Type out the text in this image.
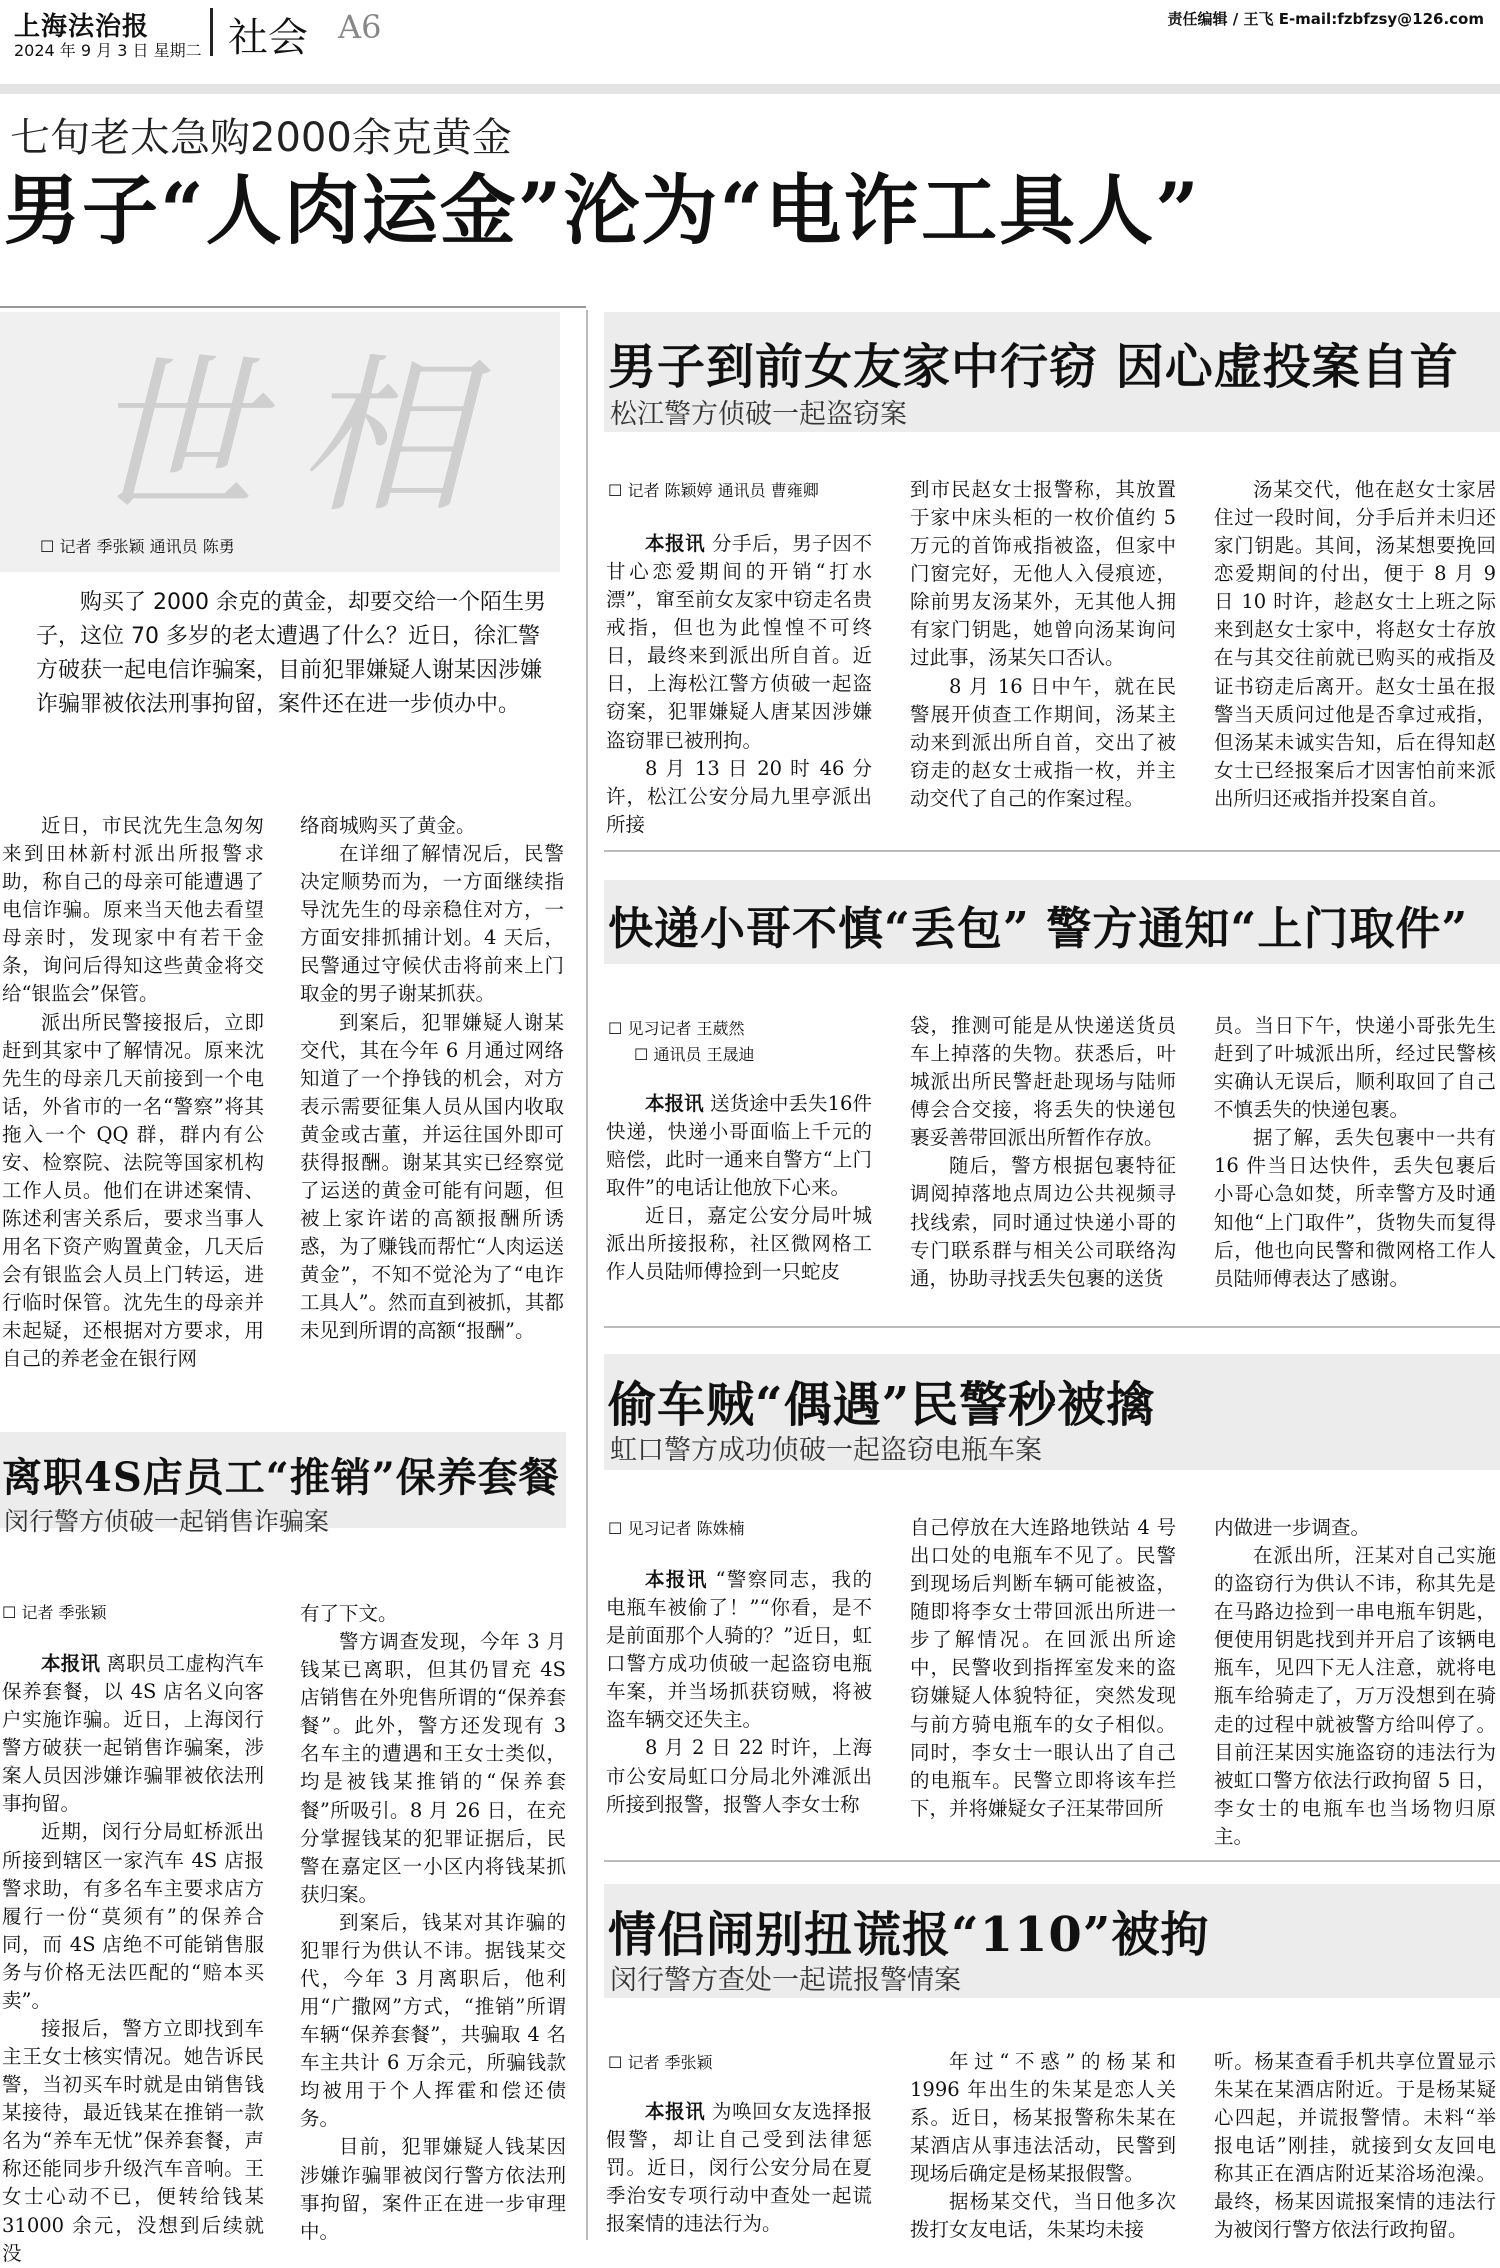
上海法治报
2024 年 9 月 3 日 星期二 社会 A6	责任编辑 / 王飞 E-mail:fzbfzsy@126.com
七旬老太急购2000余克黄金
男子“人肉运金”沦为“电诈工具人”
世相
☐ 记者 季张颖 通讯员 陈勇
购买了 2000 余克的黄金，却要交给一个陌生男子，这位 70 多岁的老太遭遇了什么？近日，徐汇警方破获一起电信诈骗案，目前犯罪嫌疑人谢某因涉嫌诈骗罪被依法刑事拘留，案件还在进一步侦办中。

近日，市民沈先生急匆匆来到田林新村派出所报警求助，称自己的母亲可能遭遇了电信诈骗。原来当天他去看望母亲时，发现家中有若干金条，询问后得知这些黄金将交给“银监会”保管。

派出所民警接报后，立即赶到其家中了解情况。原来沈先生的母亲几天前接到一个电话，外省市的一名“警察”将其拖入一个 QQ 群，群内有公安、检察院、法院等国家机构工作人员。他们在讲述案情、陈述利害关系后，要求当事人用名下资产购置黄金，几天后会有银监会人员上门转运，进行临时保管。沈先生的母亲并未起疑，还根据对方要求，用自己的养老金在银行网

络商城购买了黄金。

在详细了解情况后，民警决定顺势而为，一方面继续指导沈先生的母亲稳住对方，一方面安排抓捕计划。4 天后，民警通过守候伏击将前来上门取金的男子谢某抓获。

到案后，犯罪嫌疑人谢某交代，其在今年 6 月通过网络知道了一个挣钱的机会，对方表示需要征集人员从国内收取黄金或古董，并运往国外即可获得报酬。谢某其实已经察觉了运送的黄金可能有问题，但被上家许诺的高额报酬所诱惑，为了赚钱而帮忙“人肉运送黄金”，不知不觉沦为了“电诈工具人”。然而直到被抓，其都未见到所谓的高额“报酬”。

离职4S店员工“推销”保养套餐
闵行警方侦破一起销售诈骗案
☐ 记者 季张颖

本报讯 离职员工虚构汽车保养套餐，以 4S 店名义向客户实施诈骗。近日，上海闵行警方破获一起销售诈骗案，涉案人员因涉嫌诈骗罪被依法刑事拘留。

近期，闵行分局虹桥派出所接到辖区一家汽车 4S 店报警求助，有多名车主要求店方履行一份“莫须有”的保养合同，而 4S 店绝不可能销售服务与价格无法匹配的“赔本买卖”。

接报后，警方立即找到车主王女士核实情况。她告诉民警，当初买车时就是由销售钱某接待，最近钱某在推销一款名为“养车无忧”保养套餐，声称还能同步升级汽车音响。王女士心动不已，便转给钱某 31000 余元，没想到后续就没

有了下文。

警方调查发现，今年 3 月钱某已离职，但其仍冒充 4S 店销售在外兜售所谓的“保养套餐”。此外，警方还发现有 3 名车主的遭遇和王女士类似，均是被钱某推销的“保养套餐”所吸引。8 月 26 日，在充分掌握钱某的犯罪证据后，民警在嘉定区一小区内将钱某抓获归案。

到案后，钱某对其诈骗的犯罪行为供认不讳。据钱某交代，今年 3 月离职后，他利用“广撒网”方式，“推销”所谓车辆“保养套餐”，共骗取 4 名车主共计 6 万余元，所骗钱款均被用于个人挥霍和偿还债务。

目前，犯罪嫌疑人钱某因涉嫌诈骗罪被闵行警方依法刑事拘留，案件正在进一步审理中。

男子到前女友家中行窃 因心虚投案自首
松江警方侦破一起盗窃案
☐ 记者 陈颖婷 通讯员 曹雍卿

本报讯 分手后，男子因不甘心恋爱期间的开销“打水漂”，窜至前女友家中窃走名贵戒指，但也为此惶惶不可终日，最终来到派出所自首。近日，上海松江警方侦破一起盗窃案，犯罪嫌疑人唐某因涉嫌盗窃罪已被刑拘。

8 月 13 日 20 时 46 分许，松江公安分局九里亭派出所接

到市民赵女士报警称，其放置于家中床头柜的一枚价值约 5 万元的首饰戒指被盗，但家中门窗完好，无他人入侵痕迹，除前男友汤某外，无其他人拥有家门钥匙，她曾向汤某询问过此事，汤某矢口否认。

8 月 16 日中午，就在民警展开侦查工作期间，汤某主动来到派出所自首，交出了被窃走的赵女士戒指一枚，并主动交代了自己的作案过程。

汤某交代，他在赵女士家居住过一段时间，分手后并未归还家门钥匙。其间，汤某想要挽回恋爱期间的付出，便于 8 月 9 日 10 时许，趁赵女士上班之际来到赵女士家中，将赵女士存放在与其交往前就已购买的戒指及证书窃走后离开。赵女士虽在报警当天质问过他是否拿过戒指，但汤某未诚实告知，后在得知赵女士已经报案后才因害怕前来派出所归还戒指并投案自首。

快递小哥不慎“丢包” 警方通知“上门取件”
☐ 见习记者 王葳然
☐ 通讯员 王晟迪

本报讯 送货途中丢失16件快递，快递小哥面临上千元的赔偿，此时一通来自警方“上门取件”的电话让他放下心来。

近日，嘉定公安分局叶城派出所接报称，社区微网格工作人员陆师傅捡到一只蛇皮

袋，推测可能是从快递送货员车上掉落的失物。获悉后，叶城派出所民警赶赴现场与陆师傅会合交接，将丢失的快递包裹妥善带回派出所暂作存放。

随后，警方根据包裹特征调阅掉落地点周边公共视频寻找线索，同时通过快递小哥的专门联系群与相关公司联络沟通，协助寻找丢失包裹的送货

员。当日下午，快递小哥张先生赶到了叶城派出所，经过民警核实确认无误后，顺利取回了自己不慎丢失的快递包裹。

据了解，丢失包裹中一共有 16 件当日达快件，丢失包裹后小哥心急如焚，所幸警方及时通知他“上门取件”，货物失而复得后，他也向民警和微网格工作人员陆师傅表达了感谢。

偷车贼“偶遇”民警秒被擒
虹口警方成功侦破一起盗窃电瓶车案
☐ 见习记者 陈姝楠

本报讯 “警察同志，我的电瓶车被偷了！”“你看，是不是前面那个人骑的？”近日，虹口警方成功侦破一起盗窃电瓶车案，并当场抓获窃贼，将被盗车辆交还失主。

8 月 2 日 22 时许，上海市公安局虹口分局北外滩派出所接到报警，报警人李女士称

自己停放在大连路地铁站 4 号出口处的电瓶车不见了。民警到现场后判断车辆可能被盗，随即将李女士带回派出所进一步了解情况。在回派出所途中，民警收到指挥室发来的盗窃嫌疑人体貌特征，突然发现与前方骑电瓶车的女子相似。同时，李女士一眼认出了自己的电瓶车。民警立即将该车拦下，并将嫌疑女子汪某带回所

内做进一步调查。

在派出所，汪某对自己实施的盗窃行为供认不讳，称其先是在马路边捡到一串电瓶车钥匙，便使用钥匙找到并开启了该辆电瓶车，见四下无人注意，就将电瓶车给骑走了，万万没想到在骑走的过程中就被警方给叫停了。目前汪某因实施盗窃的违法行为被虹口警方依法行政拘留 5 日，李女士的电瓶车也当场物归原主。

情侣闹别扭谎报“110”被拘
闵行警方查处一起谎报警情案
☐ 记者 季张颖

本报讯 为唤回女友选择报假警，却让自己受到法律惩罚。近日，闵行公安分局在夏季治安专项行动中查处一起谎报案情的违法行为。

年过“不惑”的杨某和 1996 年出生的朱某是恋人关系。近日，杨某报警称朱某在某酒店从事违法活动，民警到现场后确定是杨某报假警。

据杨某交代，当日他多次拨打女友电话，朱某均未接

听。杨某查看手机共享位置显示朱某在某酒店附近。于是杨某疑心四起，并谎报警情。未料“举报电话”刚挂，就接到女友回电称其正在酒店附近某浴场泡澡。最终，杨某因谎报案情的违法行为被闵行警方依法行政拘留。
